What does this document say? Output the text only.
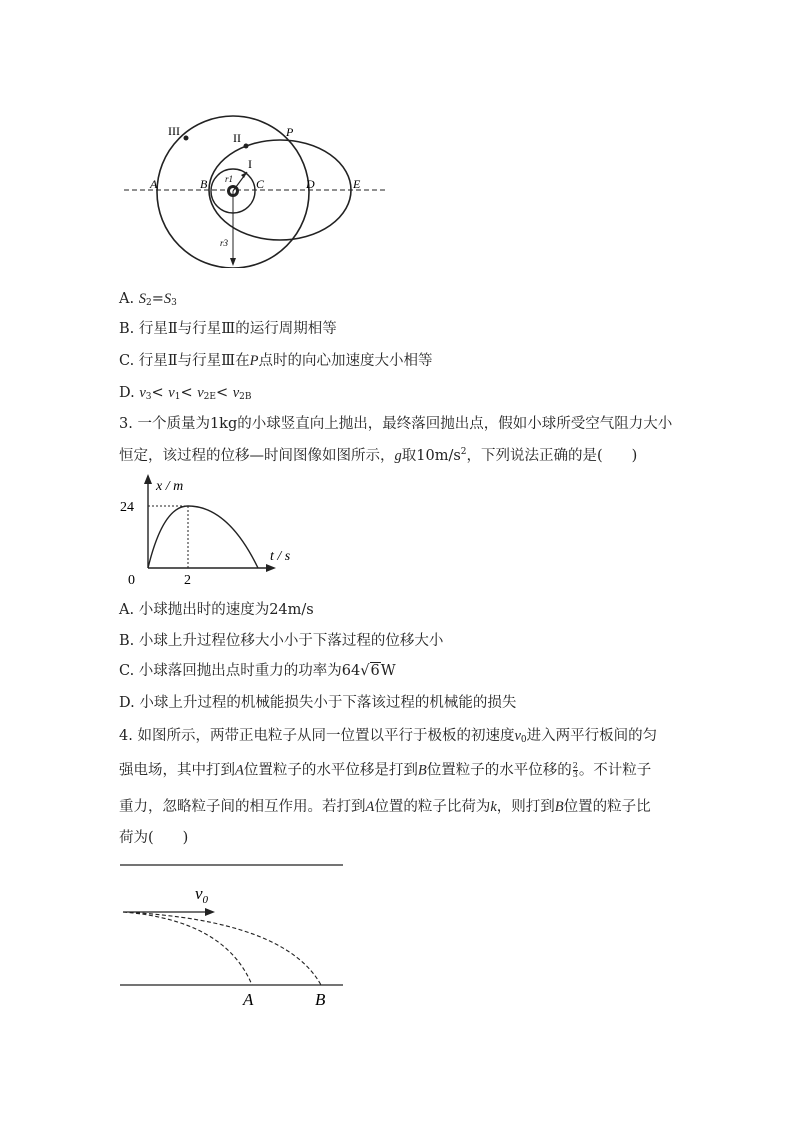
III	II	P
I
A	B	C	D	E
r1
r3
A. $S_2=S_3$
B. 行星Ⅱ与行星Ⅲ的运行周期相等
C. 行星Ⅱ与行星Ⅲ在P点时的向心加速度大小相等
D. $v_3< \nu_1< \nu_{2E}< \nu_{2B}$
3. 一个质量为1kg的小球竖直向上抛出，最终落回抛出点，假如小球所受空气阻力大小
恒定，该过程的位移—时间图像如图所示，g取$10m/s^2$，下列说法正确的是(　　)
x / m
t / s
24
2
0
A. 小球抛出时的速度为24m/s
B. 小球上升过程位移大小小于下落过程的位移大小
C. 小球落回抛出点时重力的功率为64√6W
D. 小球上升过程的机械能损失小于下落该过程的机械能的损失
4. 如图所示，两带正电粒子从同一位置以平行于极板的初速度$v_0$进入两平行板间的匀
强电场，其中打到A位置粒子的水平位移是打到B位置粒子的水平位移的 $\frac{2}{3}$ 。不计粒子
重力，忽略粒子间的相互作用。若打到A位置的粒子比荷为k，则打到B位置的粒子比
荷为(　　)
$v_0$
A	B
